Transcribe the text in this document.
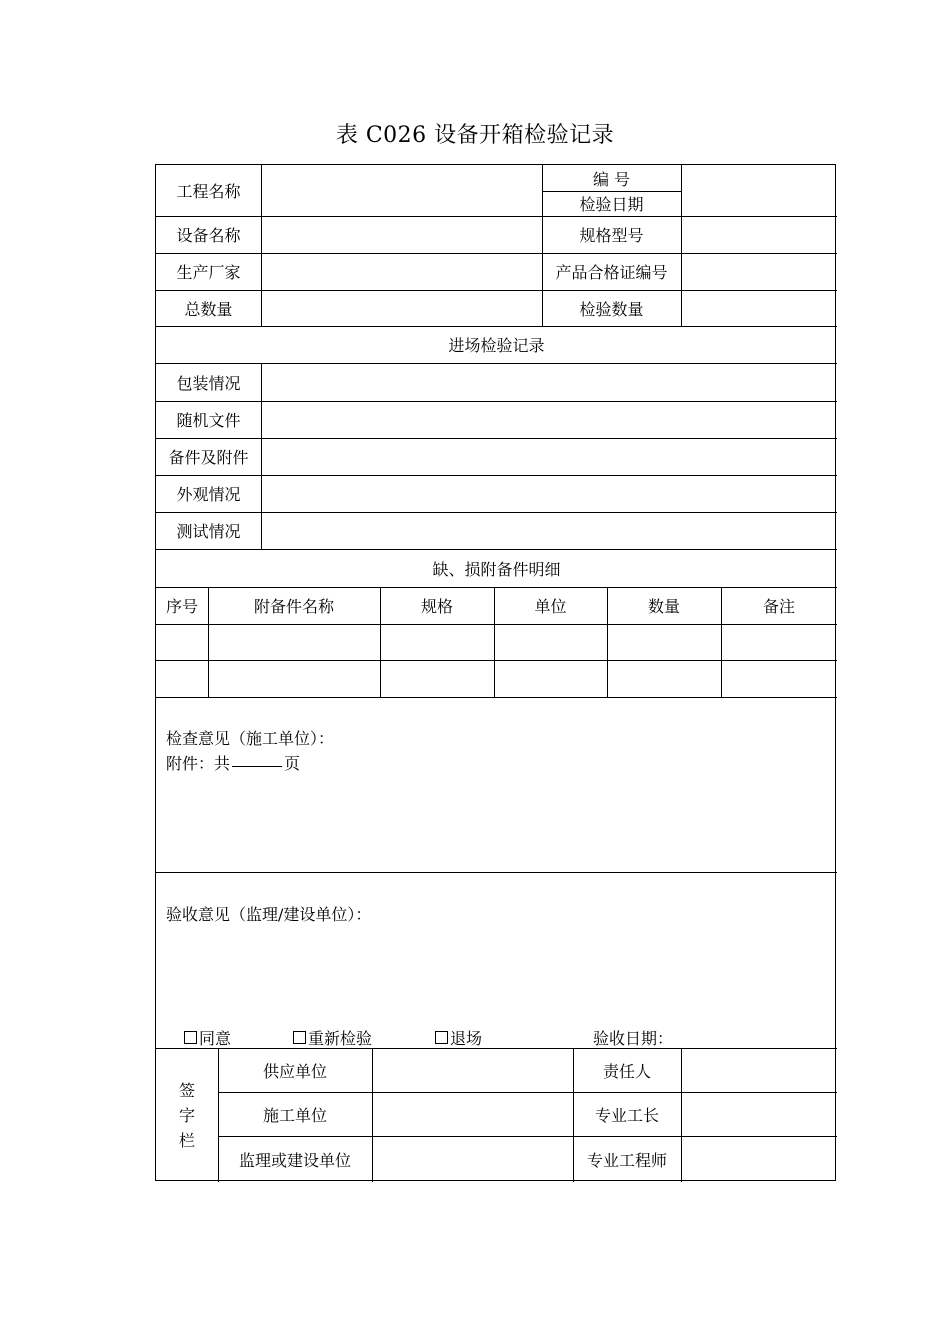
表 C026 设备开箱检验记录
工程名称
编 号
检验日期
设备名称	规格型号
生产厂家	产品合格证编号
总数量	检验数量
进场检验记录
包装情况
随机文件
备件及附件
外观情况
测试情况
缺、损附备件明细
序号	附备件名称	规格	单位	数量	备注
检查意见（施工单位）：
附件：共	页
验收意见（监理/建设单位）：
同意	重新检验	退场	验收日期：
签
字
栏
供应单位	责任人
施工单位	专业工长
监理或建设单位	专业工程师
